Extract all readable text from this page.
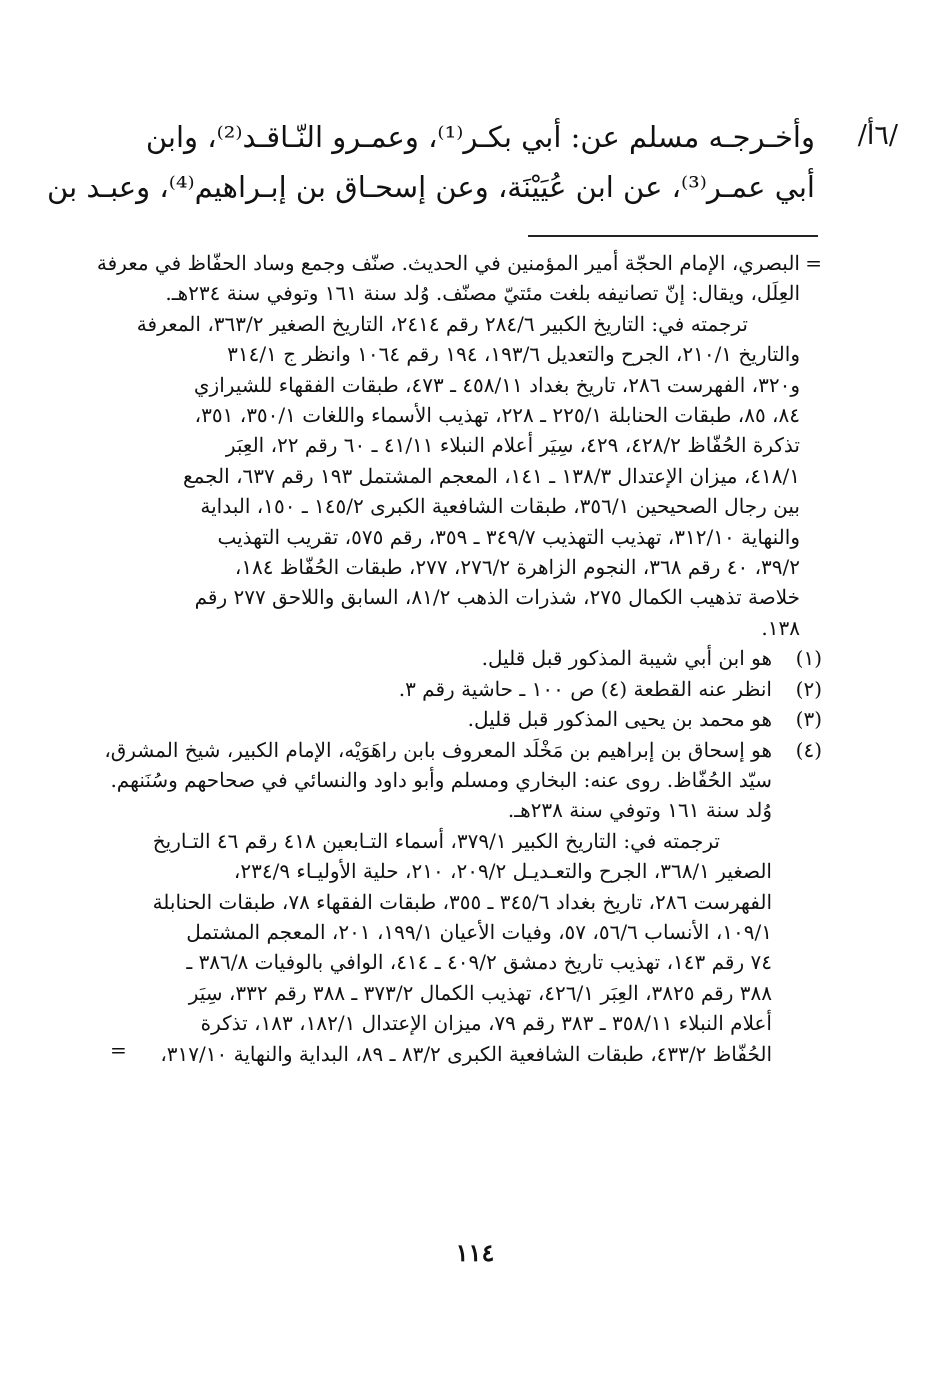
/٦أ/
وأخـرجـه مسلم عن: أبي بكـر⁽¹⁾، وعمـرو النّـاقـد⁽²⁾، وابن
أبي عمـر⁽³⁾، عن ابن عُيَيْنَة، وعن إسحـاق بن إبـراهيم⁽⁴⁾، وعبـد بن
=
البصري، الإمام الحجّة أمير المؤمنين في الحديث. صنّف وجمع وساد الحفّاظ في معرفة
العِلَل، ويقال: إنّ تصانيفه بلغت مئتيّ مصنّف. وُلد سنة ١٦١ وتوفي سنة ٢٣٤هـ.
ترجمته في: التاريخ الكبير ٢٨٤/٦ رقم ٢٤١٤، التاريخ الصغير ٣٦٣/٢، المعرفة
والتاريخ ٢١٠/١، الجرح والتعديل ١٩٣/٦، ١٩٤ رقم ١٠٦٤ وانظر ج ٣١٤/١
و٣٢٠، الفهرست ٢٨٦، تاريخ بغداد ٤٥٨/١١ ـ ٤٧٣، طبقات الفقهاء للشيرازي
٨٤، ٨٥، طبقات الحنابلة ٢٢٥/١ ـ ٢٢٨، تهذيب الأسماء واللغات ٣٥٠/١، ٣٥١،
تذكرة الحُفّاظ ٤٢٨/٢، ٤٢٩، سِيَر أعلام النبلاء ٤١/١١ ـ ٦٠ رقم ٢٢، العِبَر
٤١٨/١، ميزان الإعتدال ١٣٨/٣ ـ ١٤١، المعجم المشتمل ١٩٣ رقم ٦٣٧، الجمع
بين رجال الصحيحين ٣٥٦/١، طبقات الشافعية الكبرى ١٤٥/٢ ـ ١٥٠، البداية
والنهاية ٣١٢/١٠، تهذيب التهذيب ٣٤٩/٧ ـ ٣٥٩، رقم ٥٧٥، تقريب التهذيب
٣٩/٢، ٤٠ رقم ٣٦٨، النجوم الزاهرة ٢٧٦/٢، ٢٧٧، طبقات الحُفّاظ ١٨٤،
خلاصة تذهيب الكمال ٢٧٥، شذرات الذهب ٨١/٢، السابق واللاحق ٢٧٧ رقم
١٣٨.
(١)
هو ابن أبي شيبة المذكور قبل قليل.
(٢)
انظر عنه القطعة (٤) ص ١٠٠ ـ حاشية رقم ٣.
(٣)
هو محمد بن يحيى المذكور قبل قليل.
(٤)
هو إسحاق بن إبراهيم بن مَخْلَد المعروف بابن راهَوَيْه، الإمام الكبير، شيخ المشرق،
سيّد الحُفّاظ. روى عنه: البخاري ومسلم وأبو داود والنسائي في صحاحهم وسُنَنهم.
وُلد سنة ١٦١ وتوفي سنة ٢٣٨هـ.
ترجمته في: التاريخ الكبير ٣٧٩/١، أسماء التـابعين ٤١٨ رقم ٤٦ التـاريخ
الصغير ٣٦٨/١، الجرح والتعـديـل ٢٠٩/٢، ٢١٠، حلية الأوليـاء ٢٣٤/٩،
الفهرست ٢٨٦، تاريخ بغداد ٣٤٥/٦ ـ ٣٥٥، طبقات الفقهاء ٧٨، طبقات الحنابلة
١٠٩/١، الأنساب ٥٦/٦، ٥٧، وفيات الأعيان ١٩٩/١، ٢٠١، المعجم المشتمل
٧٤ رقم ١٤٣، تهذيب تاريخ دمشق ٤٠٩/٢ ـ ٤١٤، الوافي بالوفيات ٣٨٦/٨ ـ
٣٨٨ رقم ٣٨٢٥، العِبَر ٤٢٦/١، تهذيب الكمال ٣٧٣/٢ ـ ٣٨٨ رقم ٣٣٢، سِيَر
أعلام النبلاء ٣٥٨/١١ ـ ٣٨٣ رقم ٧٩، ميزان الإعتدال ١٨٢/١، ١٨٣، تذكرة
الحُفّاظ ٤٣٣/٢، طبقات الشافعية الكبرى ٨٣/٢ ـ ٨٩، البداية والنهاية ٣١٧/١٠،
=
١١٤
